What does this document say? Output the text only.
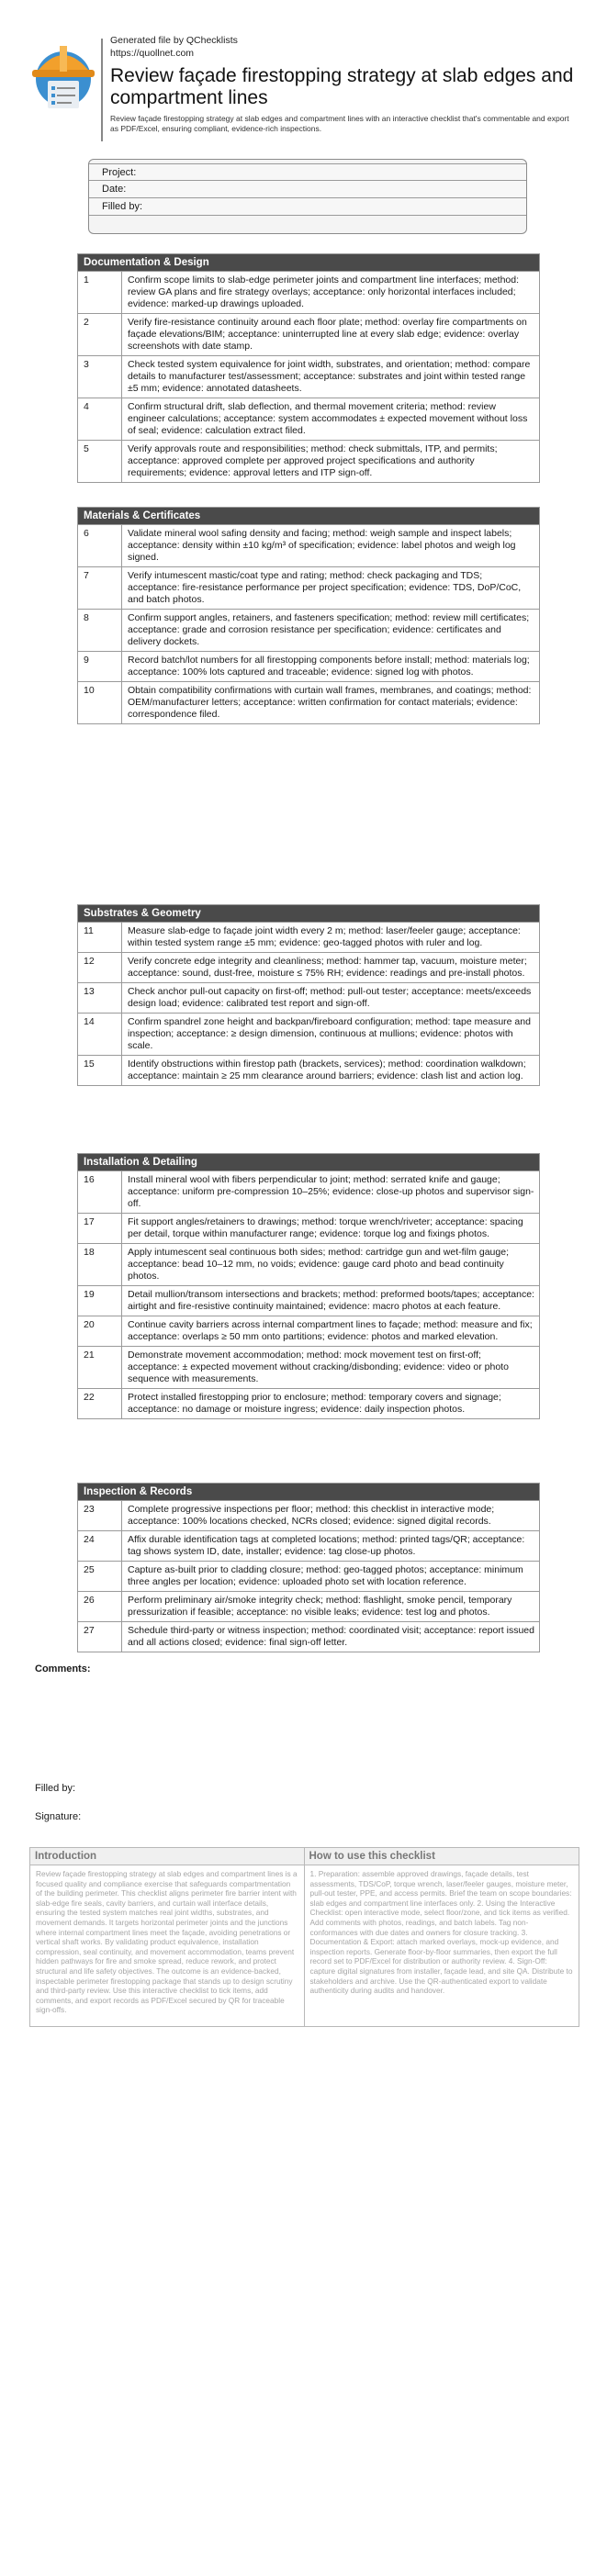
Generated file by QChecklists
https://quollnet.com
Review façade firestopping strategy at slab edges and compartment lines
Review façade firestopping strategy at slab edges and compartment lines with an interactive checklist that's commentable and export as PDF/Excel, ensuring compliant, evidence-rich inspections.
Project:
Date:
Filled by:
Documentation & Design
1	Confirm scope limits to slab-edge perimeter joints and compartment line interfaces; method: review GA plans and fire strategy overlays; acceptance: only horizontal interfaces included; evidence: marked-up drawings uploaded.
2	Verify fire-resistance continuity around each floor plate; method: overlay fire compartments on façade elevations/BIM; acceptance: uninterrupted line at every slab edge; evidence: overlay screenshots with date stamp.
3	Check tested system equivalence for joint width, substrates, and orientation; method: compare details to manufacturer test/assessment; acceptance: substrates and joint within tested range ±5 mm; evidence: annotated datasheets.
4	Confirm structural drift, slab deflection, and thermal movement criteria; method: review engineer calculations; acceptance: system accommodates ± expected movement without loss of seal; evidence: calculation extract filed.
5	Verify approvals route and responsibilities; method: check submittals, ITP, and permits; acceptance: approved complete per approved project specifications and authority requirements; evidence: approval letters and ITP sign-off.
Materials & Certificates
6	Validate mineral wool safing density and facing; method: weigh sample and inspect labels; acceptance: density within ±10 kg/m³ of specification; evidence: label photos and weigh log signed.
7	Verify intumescent mastic/coat type and rating; method: check packaging and TDS; acceptance: fire-resistance performance per project specification; evidence: TDS, DoP/CoC, and batch photos.
8	Confirm support angles, retainers, and fasteners specification; method: review mill certificates; acceptance: grade and corrosion resistance per specification; evidence: certificates and delivery dockets.
9	Record batch/lot numbers for all firestopping components before install; method: materials log; acceptance: 100% lots captured and traceable; evidence: signed log with photos.
10	Obtain compatibility confirmations with curtain wall frames, membranes, and coatings; method: OEM/manufacturer letters; acceptance: written confirmation for contact materials; evidence: correspondence filed.
Substrates & Geometry
11	Measure slab-edge to façade joint width every 2 m; method: laser/feeler gauge; acceptance: within tested system range ±5 mm; evidence: geo-tagged photos with ruler and log.
12	Verify concrete edge integrity and cleanliness; method: hammer tap, vacuum, moisture meter; acceptance: sound, dust-free, moisture ≤ 75% RH; evidence: readings and pre-install photos.
13	Check anchor pull-out capacity on first-off; method: pull-out tester; acceptance: meets/exceeds design load; evidence: calibrated test report and sign-off.
14	Confirm spandrel zone height and backpan/fireboard configuration; method: tape measure and inspection; acceptance: ≥ design dimension, continuous at mullions; evidence: photos with scale.
15	Identify obstructions within firestop path (brackets, services); method: coordination walkdown; acceptance: maintain ≥ 25 mm clearance around barriers; evidence: clash list and action log.
Installation & Detailing
16	Install mineral wool with fibers perpendicular to joint; method: serrated knife and gauge; acceptance: uniform pre-compression 10–25%; evidence: close-up photos and supervisor sign-off.
17	Fit support angles/retainers to drawings; method: torque wrench/riveter; acceptance: spacing per detail, torque within manufacturer range; evidence: torque log and fixings photos.
18	Apply intumescent seal continuous both sides; method: cartridge gun and wet-film gauge; acceptance: bead 10–12 mm, no voids; evidence: gauge card photo and bead continuity photos.
19	Detail mullion/transom intersections and brackets; method: preformed boots/tapes; acceptance: airtight and fire-resistive continuity maintained; evidence: macro photos at each feature.
20	Continue cavity barriers across internal compartment lines to façade; method: measure and fix; acceptance: overlaps ≥ 50 mm onto partitions; evidence: photos and marked elevation.
21	Demonstrate movement accommodation; method: mock movement test on first-off; acceptance: ± expected movement without cracking/disbonding; evidence: video or photo sequence with measurements.
22	Protect installed firestopping prior to enclosure; method: temporary covers and signage; acceptance: no damage or moisture ingress; evidence: daily inspection photos.
Inspection & Records
23	Complete progressive inspections per floor; method: this checklist in interactive mode; acceptance: 100% locations checked, NCRs closed; evidence: signed digital records.
24	Affix durable identification tags at completed locations; method: printed tags/QR; acceptance: tag shows system ID, date, installer; evidence: tag close-up photos.
25	Capture as-built prior to cladding closure; method: geo-tagged photos; acceptance: minimum three angles per location; evidence: uploaded photo set with location reference.
26	Perform preliminary air/smoke integrity check; method: flashlight, smoke pencil, temporary pressurization if feasible; acceptance: no visible leaks; evidence: test log and photos.
27	Schedule third-party or witness inspection; method: coordinated visit; acceptance: report issued and all actions closed; evidence: final sign-off letter.
Comments:
Filled by:
Signature:
Introduction
Review façade firestopping strategy at slab edges and compartment lines is a focused quality and compliance exercise that safeguards compartmentation of the building perimeter. This checklist aligns perimeter fire barrier intent with slab-edge fire seals, cavity barriers, and curtain wall interface details, ensuring the tested system matches real joint widths, substrates, and movement demands. It targets horizontal perimeter joints and the junctions where internal compartment lines meet the façade, avoiding penetrations or vertical shaft works. By validating product equivalence, installation compression, seal continuity, and movement accommodation, teams prevent hidden pathways for fire and smoke spread, reduce rework, and protect structural and life safety objectives. The outcome is an evidence-backed, inspectable perimeter firestopping package that stands up to design scrutiny and third-party review. Use this interactive checklist to tick items, add comments, and export records as PDF/Excel secured by QR for traceable sign-offs.
How to use this checklist
1. Preparation: assemble approved drawings, façade details, test assessments, TDS/CoP, torque wrench, laser/feeler gauges, moisture meter, pull-out tester, PPE, and access permits. Brief the team on scope boundaries: slab edges and compartment line interfaces only. 2. Using the Interactive Checklist: open interactive mode, select floor/zone, and tick items as verified. Add comments with photos, readings, and batch labels. Tag non-conformances with due dates and owners for closure tracking. 3. Documentation & Export: attach marked overlays, mock-up evidence, and inspection reports. Generate floor-by-floor summaries, then export the full record set to PDF/Excel for distribution or authority review. 4. Sign-Off: capture digital signatures from installer, façade lead, and site QA. Distribute to stakeholders and archive. Use the QR-authenticated export to validate authenticity during audits and handover.
